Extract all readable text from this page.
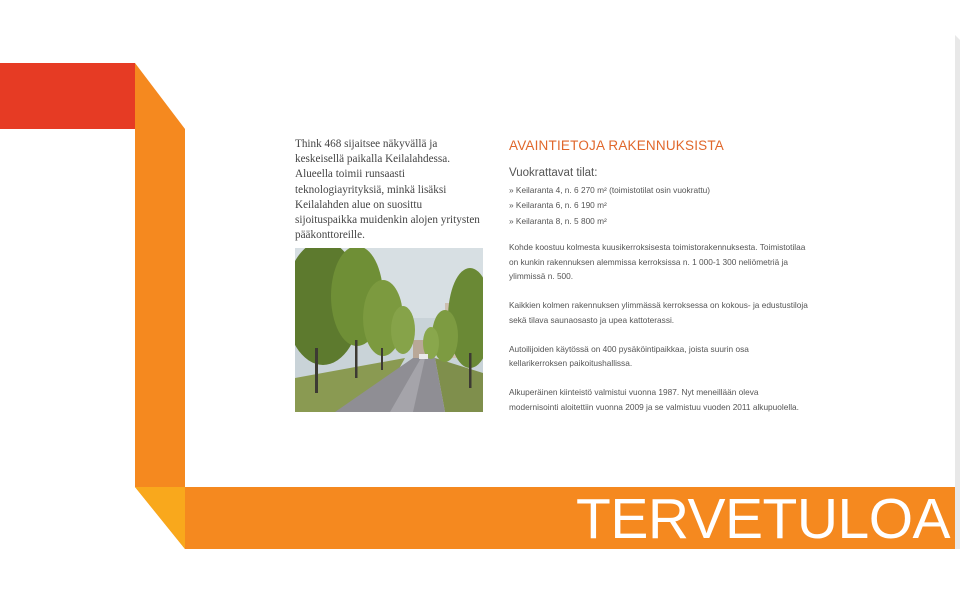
Think 468 sijaitsee näkyvällä ja keskeisellä paikalla Keilalahdessa. Alueella toimii runsaasti teknologiayrityksiä, minkä lisäksi Keilalahden alue on suosittu sijoituspaikka muidenkin alojen yritysten pääkonttoreille.

AVAINTIETOJA RAKENNUKSISTA
Vuokrattavat tilat:
» Keilaranta 4, n. 6 270 m² (toimistotilat osin vuokrattu)
» Keilaranta 6, n. 6 190 m²
» Keilaranta 8, n. 5 800 m²

Kohde koostuu kolmesta kuusikerroksisesta toimistorakennuksesta. Toimistotilaa on kunkin rakennuksen alemmissa kerroksissa n. 1 000-1 300 neliömetriä ja ylimmissä n. 500.

Kaikkien kolmen rakennuksen ylimmässä kerroksessa on kokous- ja edustustiloja sekä tilava saunaosasto ja upea kattoterassi.

Autoilijoiden käytössä on 400 pysäköintipaikkaa, joista suurin osa kellarikerroksen paikoitushallissa.

Alkuperäinen kiinteistö valmistui vuonna 1987. Nyt meneillään oleva modernisointi aloitettiin vuonna 2009 ja se valmistuu vuoden 2011 alkupuolella.

TERVETULOA
